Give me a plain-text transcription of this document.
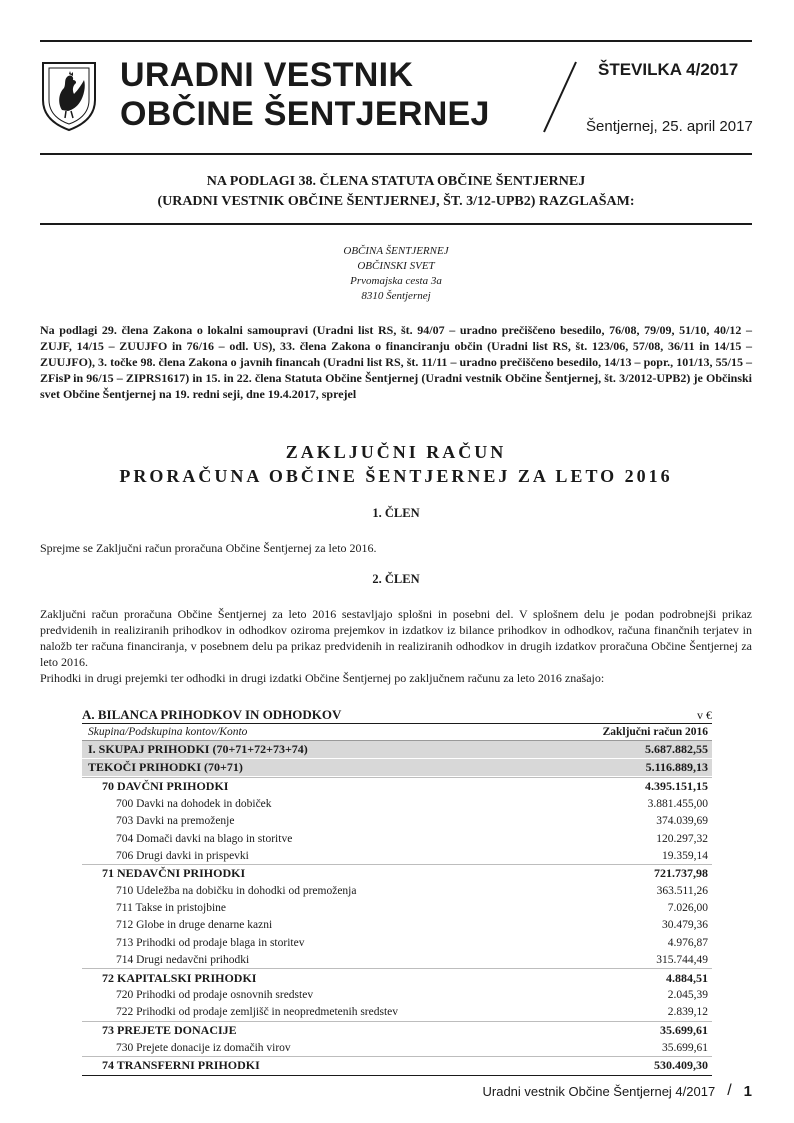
URADNI VESTNIK
OBČINE ŠENTJERNEJ
ŠTEVILKA 4/2017
Šentjernej, 25. april 2017
NA PODLAGI 38. ČLENA STATUTA OBČINE ŠENTJERNEJ
(URADNI VESTNIK OBČINE ŠENTJERNEJ, ŠT. 3/12-UPB2) RAZGLAŠAM:
OBČINA ŠENTJERNEJ
OBČINSKI SVET
Prvomajska cesta 3a
8310 Šentjernej
Na podlagi 29. člena Zakona o lokalni samoupravi (Uradni list RS, št. 94/07 – uradno prečiščeno besedilo, 76/08, 79/09, 51/10, 40/12 – ZUJF, 14/15 – ZUUJFO in 76/16 – odl. US), 33. člena Zakona o financiranju občin (Uradni list RS, št. 123/06, 57/08, 36/11 in 14/15 – ZUUJFO), 3. točke 98. člena Zakona o javnih financah (Uradni list RS, št. 11/11 – uradno prečiščeno besedilo, 14/13 – popr., 101/13, 55/15 – ZFisP in 96/15 – ZIPRS1617) in 15. in 22. člena Statuta Občine Šentjernej (Uradni vestnik Občine Šentjernej, št. 3/2012-UPB2) je Občinski svet Občine Šentjernej na 19. redni seji, dne 19.4.2017, sprejel
ZAKLJUČNI RAČUN
PRORAČUNA OBČINE ŠENTJERNEJ ZA LETO 2016
1. ČLEN
Sprejme se Zaključni račun proračuna Občine Šentjernej za leto 2016.
2. ČLEN
Zaključni račun proračuna Občine Šentjernej za leto 2016 sestavljajo splošni in posebni del. V splošnem delu je podan podrobnejši prikaz predvidenih in realiziranih prihodkov in odhodkov oziroma prejemkov in izdatkov iz bilance prihodkov in odhodkov, računa finančnih terjatev in naložb ter računa financiranja, v posebnem delu pa prikaz predvidenih in realiziranih odhodkov in drugih izdatkov proračuna Občine Šentjernej za leto 2016.
Prihodki in drugi prejemki ter odhodki in drugi izdatki Občine Šentjernej po zaključnem računu za leto 2016 znašajo:
A. BILANCA PRIHODKOV IN ODHODKOV	v €
Skupina/Podskupina kontov/Konto	Zaključni račun 2016
I. SKUPAJ PRIHODKI (70+71+72+73+74)	5.687.882,55
TEKOČI PRIHODKI (70+71)	5.116.889,13
70 DAVČNI PRIHODKI	4.395.151,15
700 Davki na dohodek in dobiček	3.881.455,00
703 Davki na premoženje	374.039,69
704 Domači davki na blago in storitve	120.297,32
706 Drugi davki in prispevki	19.359,14
71 NEDAVČNI PRIHODKI	721.737,98
710 Udeležba na dobičku in dohodki od premoženja	363.511,26
711 Takse in pristojbine	7.026,00
712 Globe in druge denarne kazni	30.479,36
713 Prihodki od prodaje blaga in storitev	4.976,87
714 Drugi nedavčni prihodki	315.744,49
72 KAPITALSKI PRIHODKI	4.884,51
720 Prihodki od prodaje osnovnih sredstev	2.045,39
722 Prihodki od prodaje zemljišč in neopredmetenih sredstev	2.839,12
73 PREJETE DONACIJE	35.699,61
730 Prejete donacije iz domačih virov	35.699,61
74 TRANSFERNI PRIHODKI	530.409,30
Uradni vestnik Občine Šentjernej 4/2017 / 1
